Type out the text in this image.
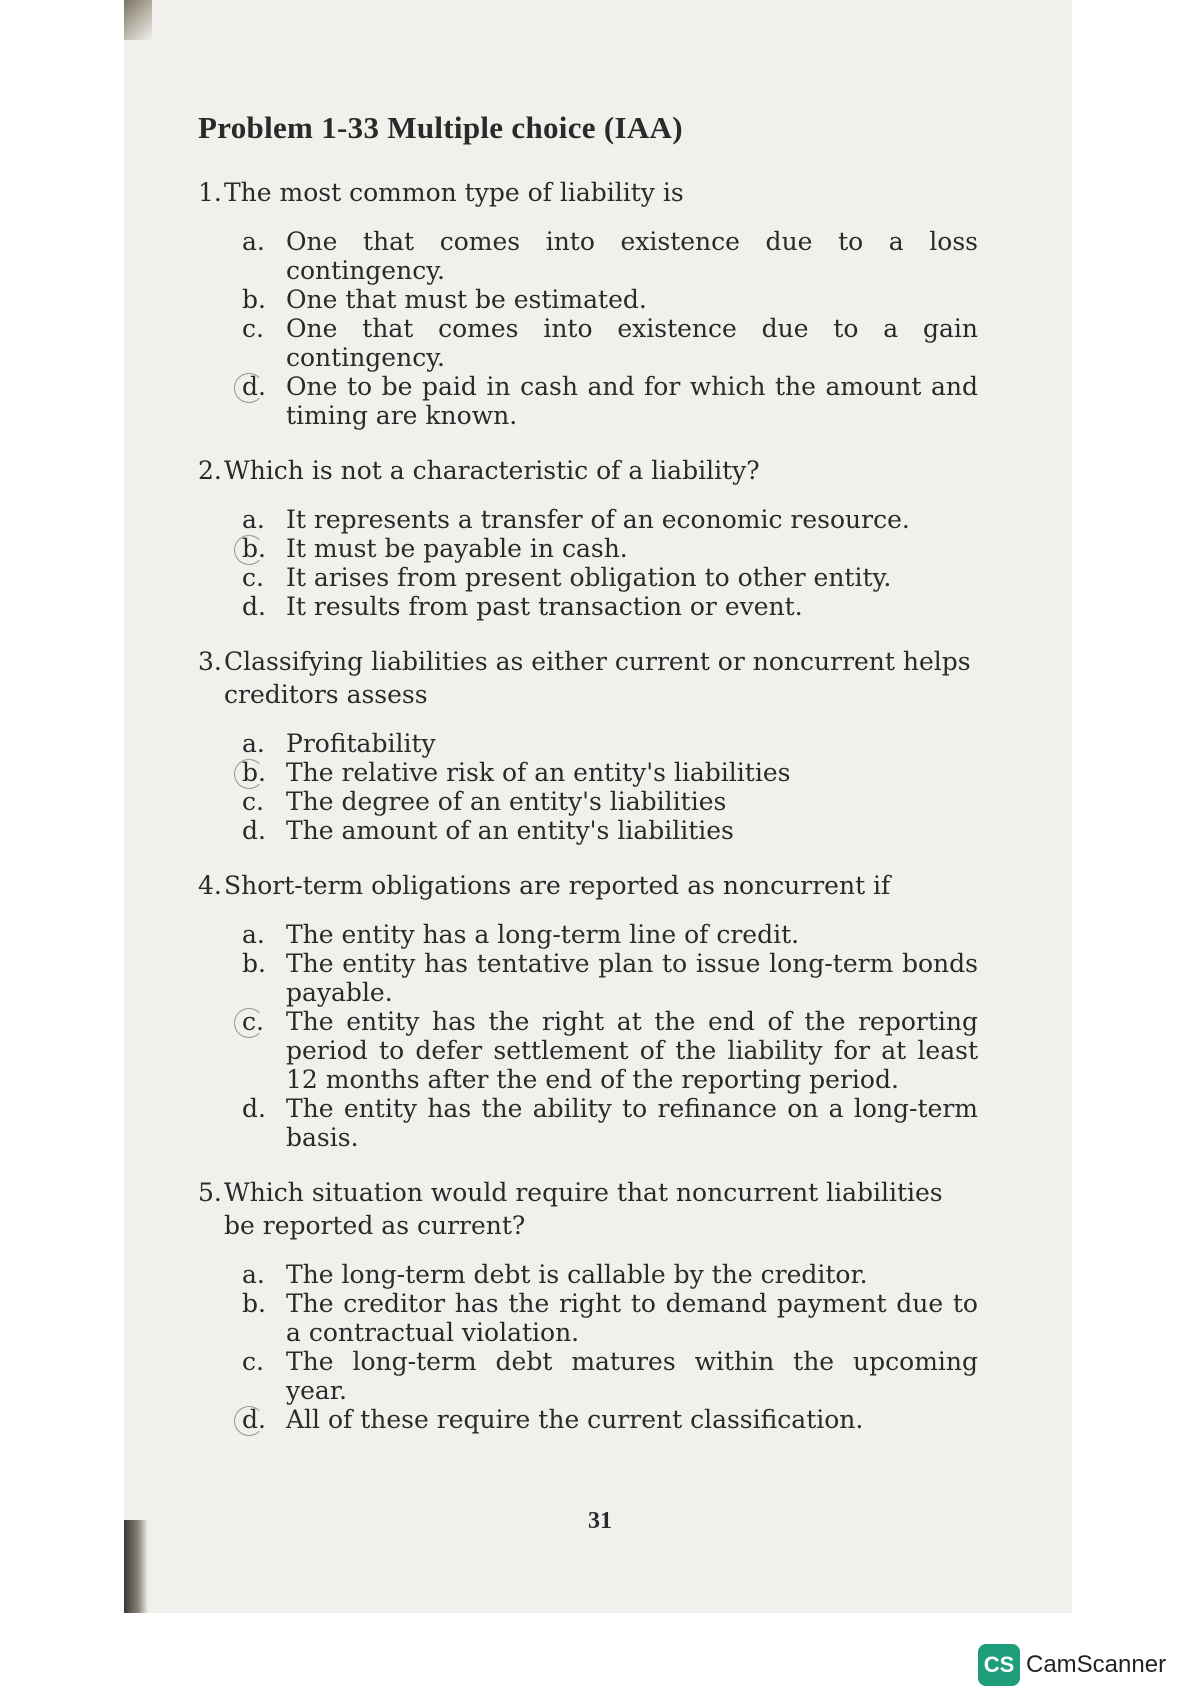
Problem 1-33 Multiple choice (IAA)
1. The most common type of liability is
a. One that comes into existence due to a loss contingency.
b. One that must be estimated.
c. One that comes into existence due to a gain contingency.
d. One to be paid in cash and for which the amount and timing are known.
2. Which is not a characteristic of a liability?
a. It represents a transfer of an economic resource.
b. It must be payable in cash.
c. It arises from present obligation to other entity.
d. It results from past transaction or event.
3. Classifying liabilities as either current or noncurrent helps creditors assess
a. Profitability
b. The relative risk of an entity's liabilities
c. The degree of an entity's liabilities
d. The amount of an entity's liabilities
4. Short-term obligations are reported as noncurrent if
a. The entity has a long-term line of credit.
b. The entity has tentative plan to issue long-term bonds payable.
c. The entity has the right at the end of the reporting period to defer settlement of the liability for at least 12 months after the end of the reporting period.
d. The entity has the ability to refinance on a long-term basis.
5. Which situation would require that noncurrent liabilities be reported as current?
a. The long-term debt is callable by the creditor.
b. The creditor has the right to demand payment due to a contractual violation.
c. The long-term debt matures within the upcoming year.
d. All of these require the current classification.
31
CS CamScanner
